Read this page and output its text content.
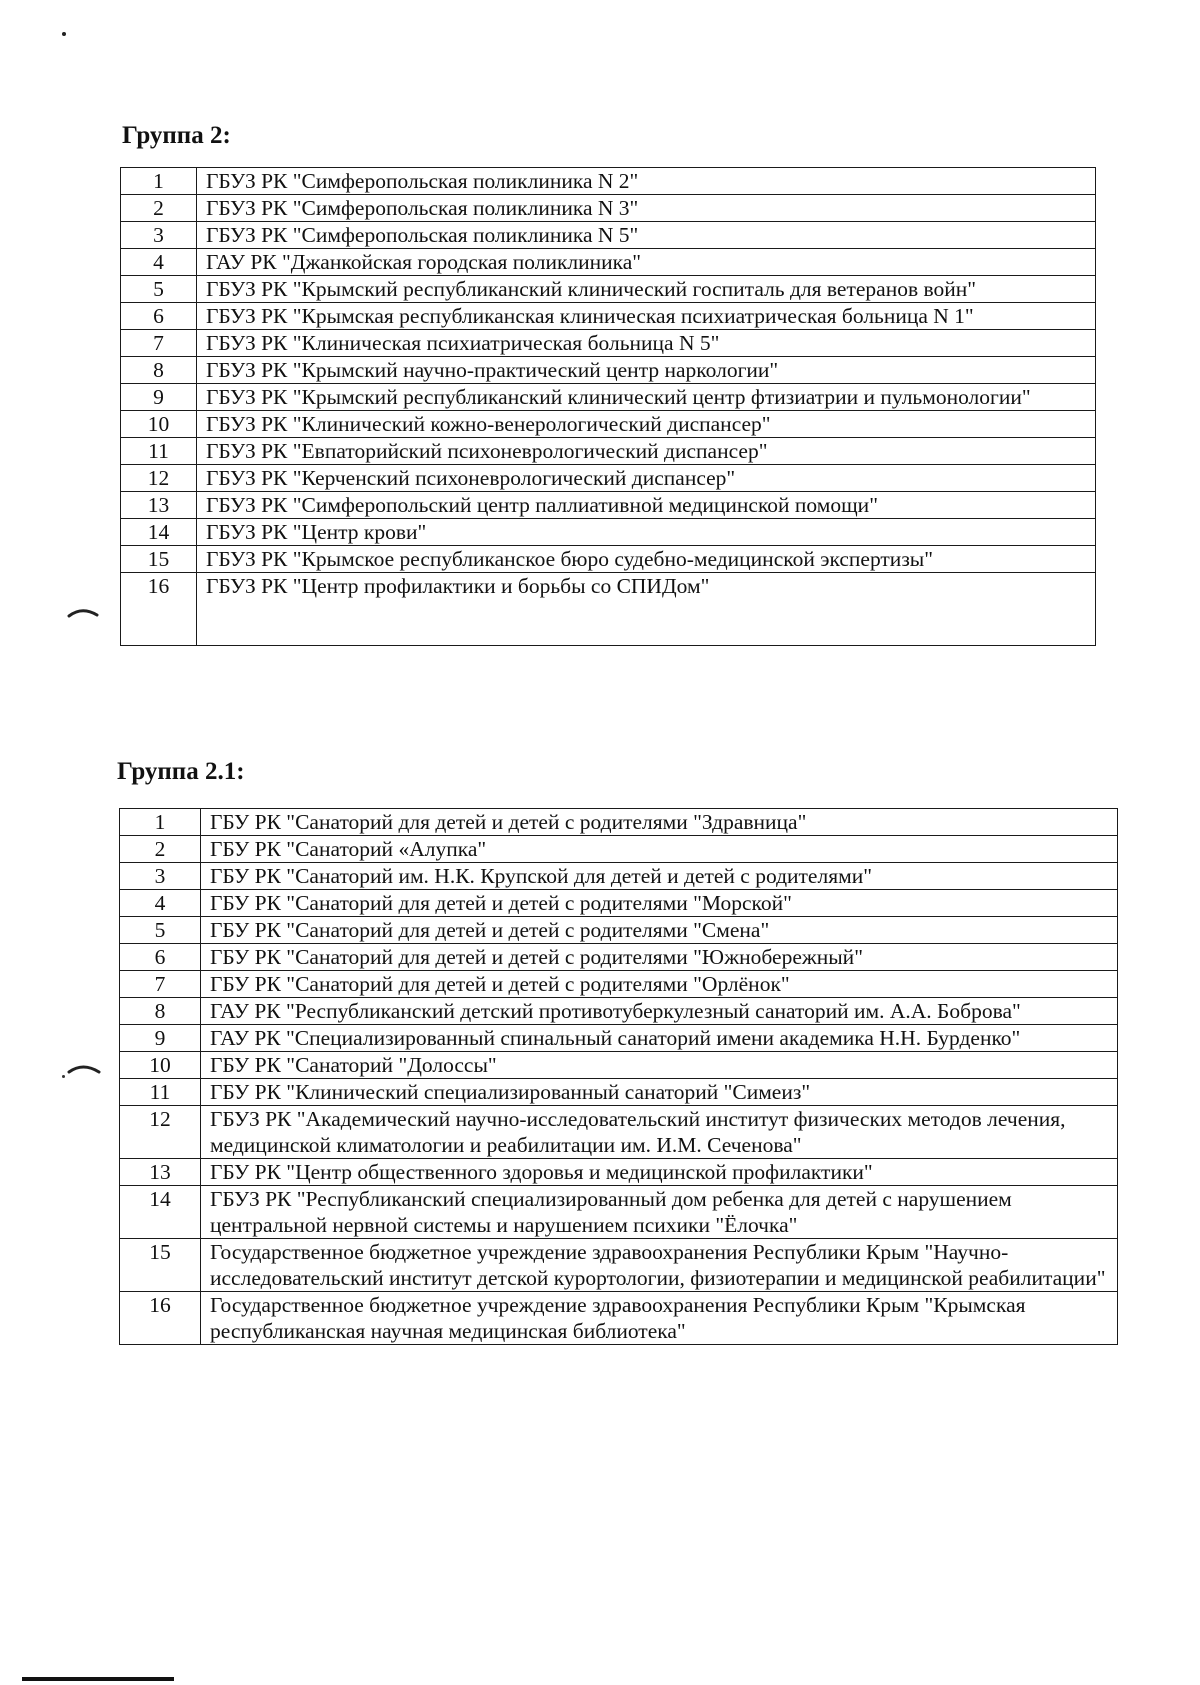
Группа 2:
1	ГБУЗ РК "Симферопольская поликлиника N 2"
2	ГБУЗ РК "Симферопольская поликлиника N 3"
3	ГБУЗ РК "Симферопольская поликлиника N 5"
4	ГАУ РК "Джанкойская городская поликлиника"
5	ГБУЗ РК "Крымский республиканский клинический госпиталь для ветеранов войн"
6	ГБУЗ РК "Крымская республиканская клиническая психиатрическая больница N 1"
7	ГБУЗ РК "Клиническая психиатрическая больница N 5"
8	ГБУЗ РК "Крымский научно-практический центр наркологии"
9	ГБУЗ РК "Крымский республиканский клинический центр фтизиатрии и пульмонологии"
10	ГБУЗ РК "Клинический кожно-венерологический диспансер"
11	ГБУЗ РК "Евпаторийский психоневрологический диспансер"
12	ГБУЗ РК "Керченский психоневрологический диспансер"
13	ГБУЗ РК "Симферопольский центр паллиативной медицинской помощи"
14	ГБУЗ РК "Центр крови"
15	ГБУЗ РК "Крымское республиканское бюро судебно-медицинской экспертизы"
16	ГБУЗ РК "Центр профилактики и борьбы со СПИДом"
Группа 2.1:
1	ГБУ РК "Санаторий для детей и детей с родителями "Здравница"
2	ГБУ РК "Санаторий «Алупка"
3	ГБУ РК "Санаторий им. Н.К. Крупской для детей и детей с родителями"
4	ГБУ РК "Санаторий для детей и детей с родителями "Морской"
5	ГБУ РК "Санаторий для детей и детей с родителями "Смена"
6	ГБУ РК "Санаторий для детей и детей с родителями "Южнобережный"
7	ГБУ РК "Санаторий для детей и детей с родителями "Орлёнок"
8	ГАУ РК "Республиканский детский противотуберкулезный санаторий им. А.А. Боброва"
9	ГАУ РК "Специализированный спинальный санаторий имени академика Н.Н. Бурденко"
10	ГБУ РК "Санаторий "Долоссы"
11	ГБУ РК "Клинический специализированный санаторий "Симеиз"
12	ГБУЗ РК "Академический научно-исследовательский институт физических методов лечения, медицинской климатологии и реабилитации им. И.М. Сеченова"
13	ГБУ РК "Центр общественного здоровья и медицинской профилактики"
14	ГБУЗ РК "Республиканский специализированный дом ребенка для детей с нарушением центральной нервной системы и нарушением психики "Ёлочка"
15	Государственное бюджетное учреждение здравоохранения Республики Крым "Научно-исследовательский институт детской курортологии, физиотерапии и медицинской реабилитации"
16	Государственное бюджетное учреждение здравоохранения Республики Крым "Крымская республиканская научная медицинская библиотека"
